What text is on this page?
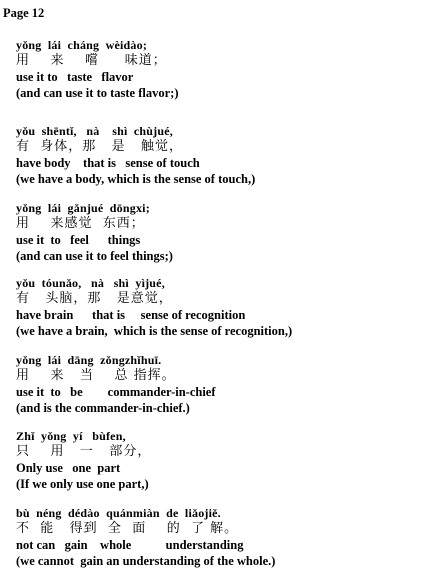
Page 12
yǒng  lái  cháng  wèidào;
用    来    嚐     味道；
use it to   taste   flavor
(and can use it to taste flavor;)
yǒu  shēntǐ,   nà    shì  chùjué,
有  身体，那   是   触觉，
have body    that is   sense of touch
(we have a body, which is the sense of touch,)
yǒng  lái  gǎnjué  dōngxi;
用    来感觉  东西；
use it  to   feel      things
(and can use it to feel things;)
yǒu  tóunǎo,   nà   shì  yìjué,
有   头脑，那   是意觉，
have brain      that is     sense of recognition
(we have a brain,  which is the sense of recognition,)
yǒng  lái  dāng  zǒngzhǐhuī.
用    来   当    总 指挥。
use it  to   be        commander-in-chief
(and is the commander-in-chief.)
Zhǐ  yǒng  yí   bùfen,
只    用   一   部分，
Only use   one  part
(If we only use one part,)
bù  néng  dédào  quánmiàn  de  liǎojiě.
不  能   得到  全  面    的  了 解。
not can   gain    whole           understanding
(we cannot  gain an understanding of the whole.)
